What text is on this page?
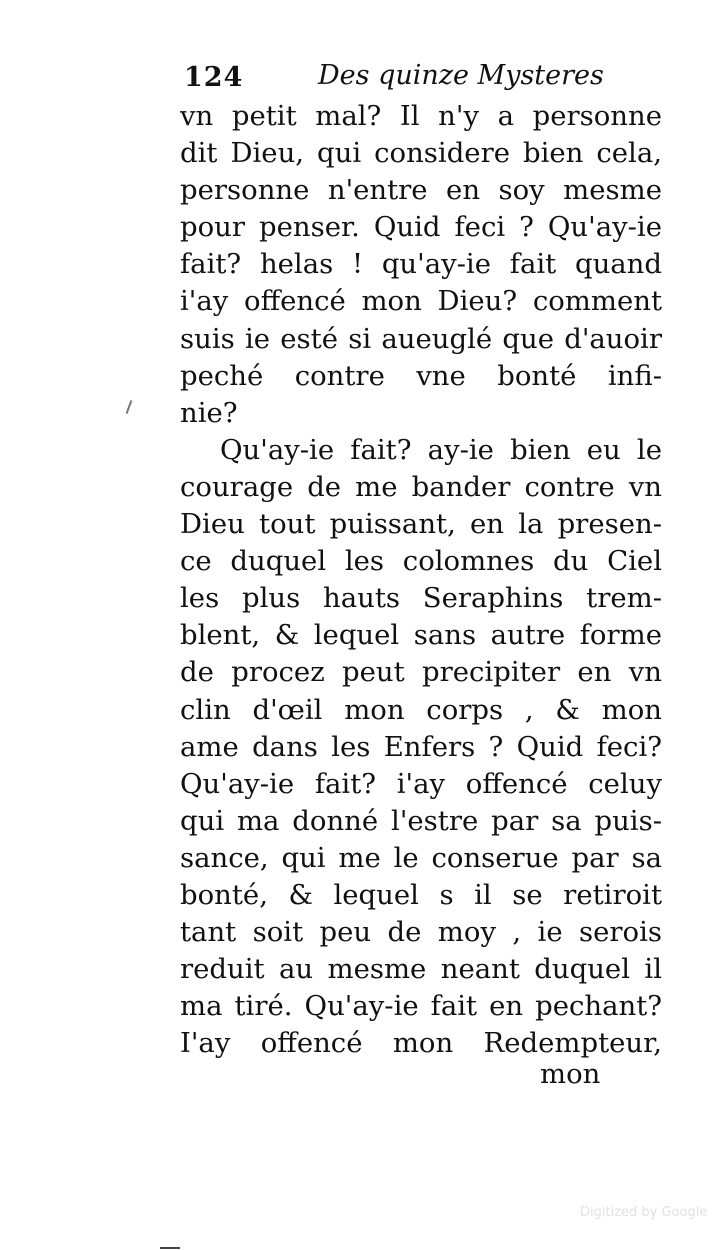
124	Des quinze Mysteres
vn petit mal? Il n'y a personne
dit Dieu, qui considere bien cela,
personne n'entre en soy mesme
pour penser. Quid feci ? Qu'ay-ie
fait? helas ! qu'ay-ie fait quand
i'ay offencé mon Dieu? comment
suis ie esté si aueuglé que d'auoir
peché contre vne bonté infi-
nie?
Qu'ay-ie fait? ay-ie bien eu le
courage de me bander contre vn
Dieu tout puissant, en la presen-
ce duquel les colomnes du Ciel
les plus hauts Seraphins trem-
blent, & lequel sans autre forme
de procez peut precipiter en vn
clin d'œil mon corps , & mon
ame dans les Enfers ? Quid feci?
Qu'ay-ie fait? i'ay offencé celuy
qui ma donné l'estre par sa puis-
sance, qui me le conserue par sa
bonté, & lequel s il se retiroit
tant soit peu de moy , ie serois
reduit au mesme neant duquel il
ma tiré. Qu'ay-ie fait en pechant?
I'ay offencé mon Redempteur,
mon
Digitized by Google
